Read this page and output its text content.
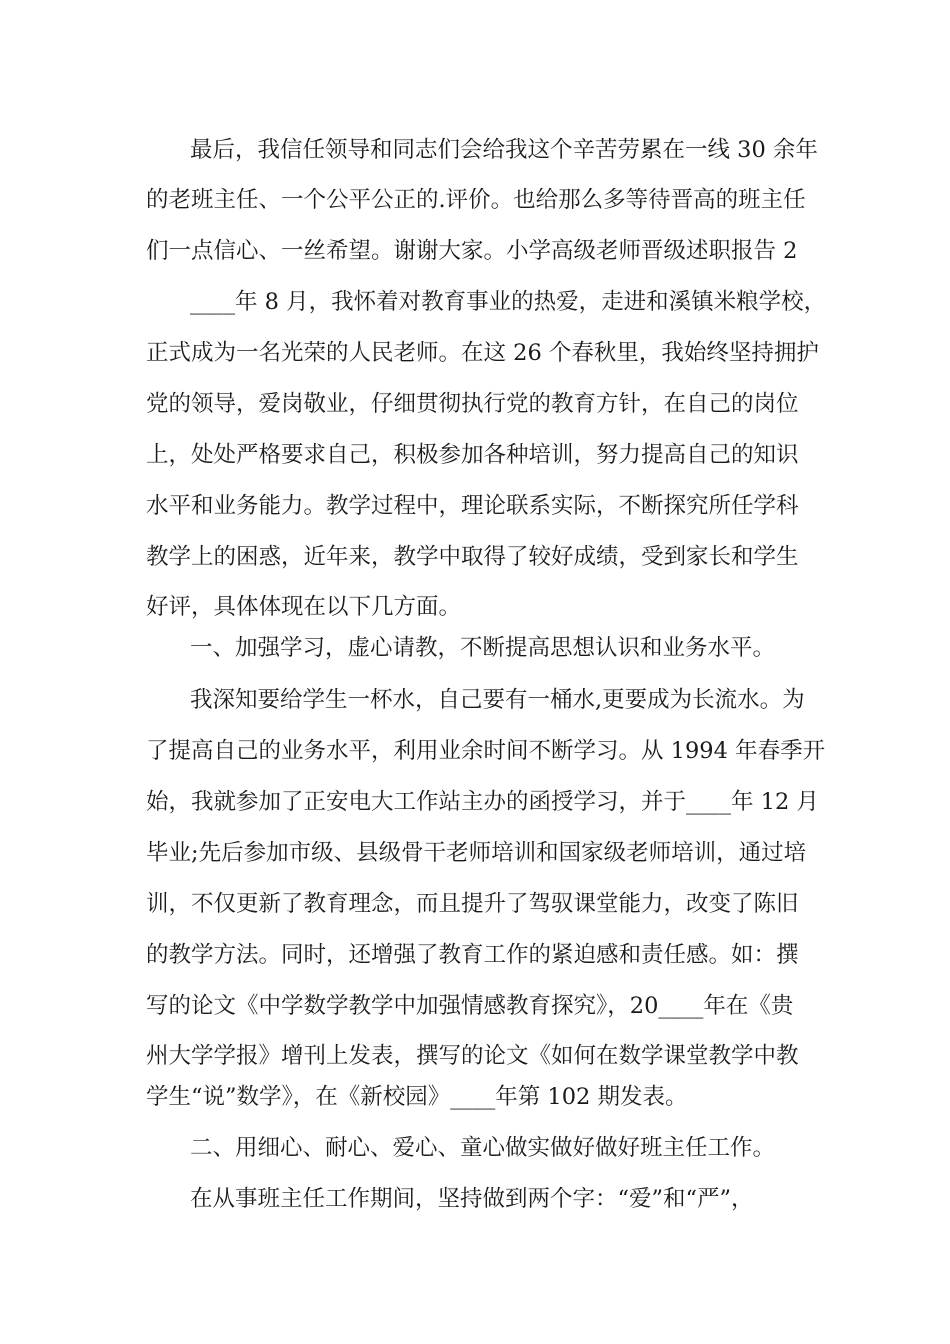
最后，我信任领导和同志们会给我这个辛苦劳累在一线 30 余年

的老班主任、一个公平公正的.评价。也给那么多等待晋高的班主任

们一点信心、一丝希望。谢谢大家。小学高级老师晋级述职报告 2

____年 8 月，我怀着对教育事业的热爱，走进和溪镇米粮学校，

正式成为一名光荣的人民老师。在这 26 个春秋里，我始终坚持拥护

党的领导，爱岗敬业，仔细贯彻执行党的教育方针，在自己的岗位

上，处处严格要求自己，积极参加各种培训，努力提高自己的知识

水平和业务能力。教学过程中，理论联系实际，不断探究所任学科

教学上的困惑，近年来，教学中取得了较好成绩，受到家长和学生

好评，具体体现在以下几方面。

一、加强学习，虚心请教，不断提高思想认识和业务水平。

我深知要给学生一杯水，自己要有一桶水,更要成为长流水。为

了提高自己的业务水平，利用业余时间不断学习。从 1994 年春季开

始，我就参加了正安电大工作站主办的函授学习，并于____年 12 月

毕业;先后参加市级、县级骨干老师培训和国家级老师培训，通过培

训，不仅更新了教育理念，而且提升了驾驭课堂能力，改变了陈旧

的教学方法。同时，还增强了教育工作的紧迫感和责任感。如：撰

写的论文《中学数学教学中加强情感教育探究》，20____年在《贵

州大学学报》增刊上发表，撰写的论文《如何在数学课堂教学中教

学生“说”数学》，在《新校园》____年第 102 期发表。

二、用细心、耐心、爱心、童心做实做好做好班主任工作。

在从事班主任工作期间，坚持做到两个字：“爱”和“严”，
